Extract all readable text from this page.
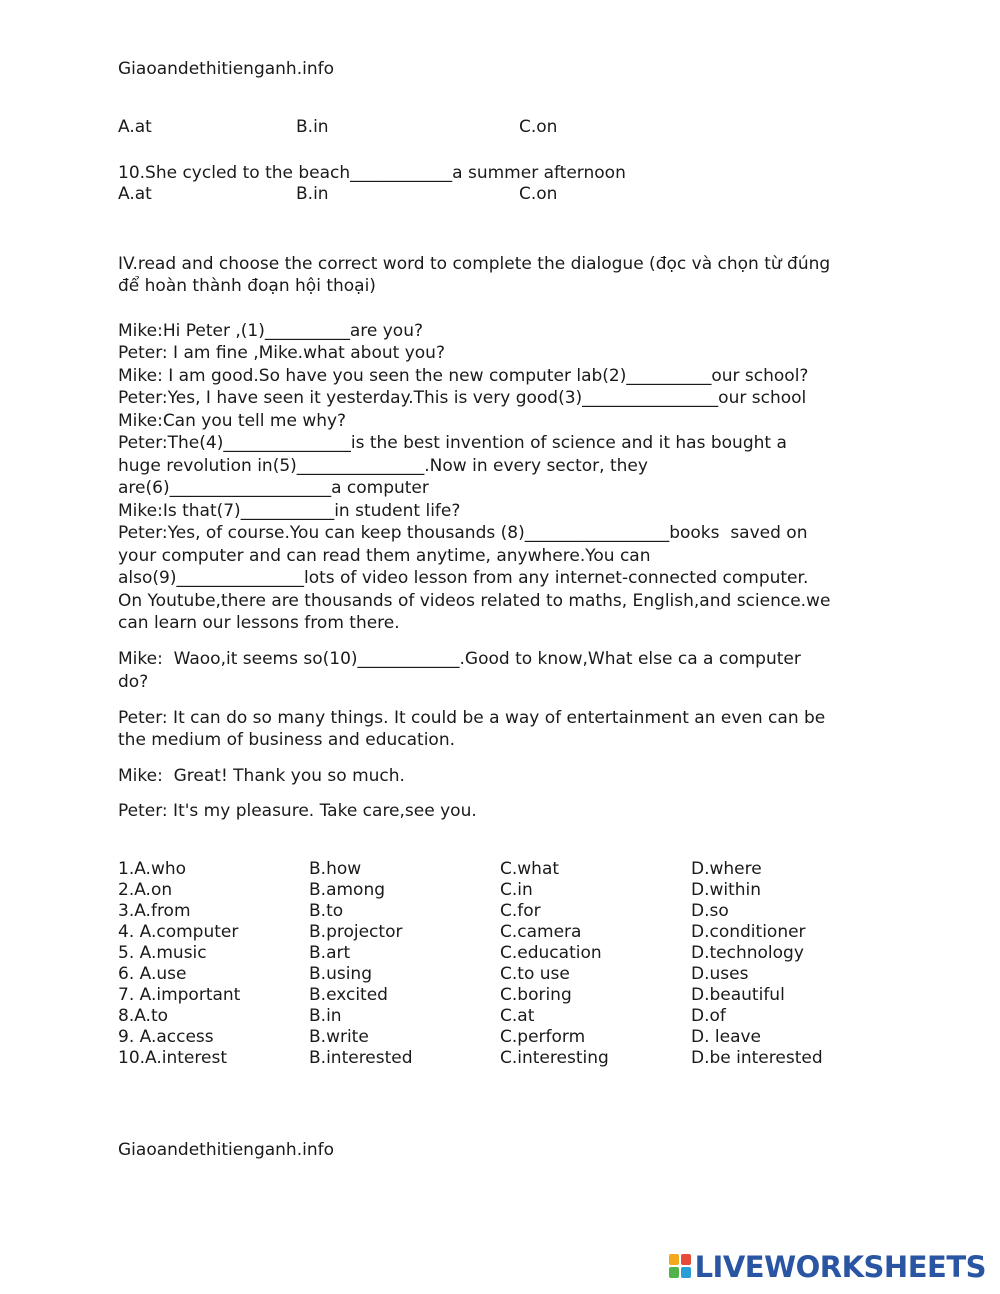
Giaoandethitienganh.info
A.at	B.in	C.on
10.She cycled to the beach____________a summer afternoon
A.at	B.in	C.on
IV.read and choose the correct word to complete the dialogue (đọc và chọn từ đúng
để hoàn thành đoạn hội thoại)
Mike:Hi Peter ,(1)__________are you?
Peter: I am fine ,Mike.what about you?
Mike: I am good.So have you seen the new computer lab(2)__________our school?
Peter:Yes, I have seen it yesterday.This is very good(3)________________our school
Mike:Can you tell me why?
Peter:The(4)_______________is the best invention of science and it has bought a
huge revolution in(5)_______________.Now in every sector, they
are(6)___________________a computer
Mike:Is that(7)___________in student life?
Peter:Yes, of course.You can keep thousands (8)_________________books  saved on
your computer and can read them anytime, anywhere.You can
also(9)_______________lots of video lesson from any internet-connected computer.
On Youtube,there are thousands of videos related to maths, English,and science.we
can learn our lessons from there.
Mike:  Waoo,it seems so(10)____________.Good to know,What else ca a computer
do?
Peter: It can do so many things. It could be a way of entertainment an even can be
the medium of business and education.
Mike:  Great! Thank you so much.
Peter: It's my pleasure. Take care,see you.
1.A.who	B.how	C.what	D.where
2.A.on	B.among	C.in	D.within
3.A.from	B.to	C.for	D.so
4. A.computer	B.projector	C.camera	D.conditioner
5. A.music	B.art	C.education	D.technology
6. A.use	B.using	C.to use	D.uses
7. A.important	B.excited	C.boring	D.beautiful
8.A.to	B.in	C.at	D.of
9. A.access	B.write	C.perform	D. leave
10.A.interest	B.interested	C.interesting	D.be interested
Giaoandethitienganh.info
LIVEWORKSHEETS
